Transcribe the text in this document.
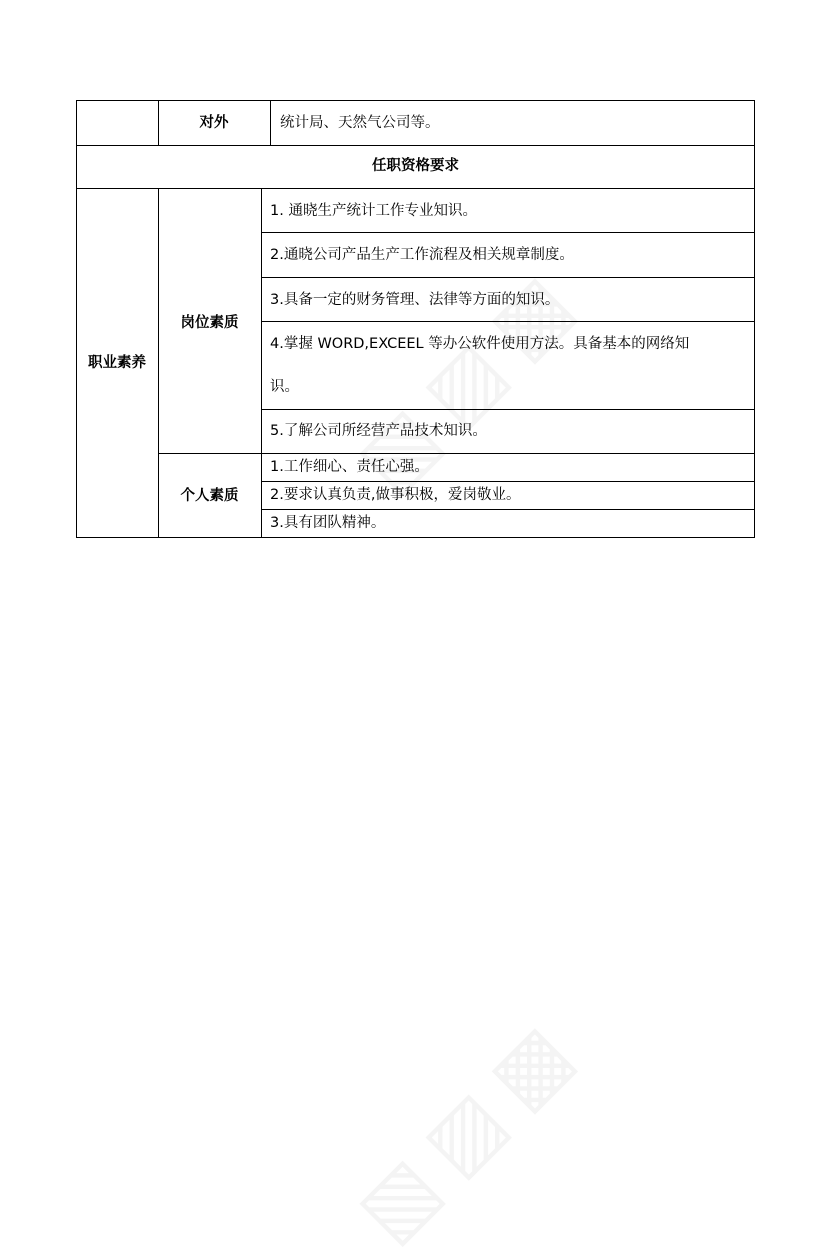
对外	统计局、天然气公司等。
任职资格要求
职业素养
岗位素质
1. 通晓生产统计工作专业知识。
2.通晓公司产品生产工作流程及相关规章制度。
3.具备一定的财务管理、法律等方面的知识。
4.掌握 WORD,EXCEEL 等办公软件使用方法。具备基本的网络知
识。
5.了解公司所经营产品技术知识。
个人素质
1.工作细心、责任心强。
2.要求认真负责,做事积极，爱岗敬业。
3.具有团队精神。
